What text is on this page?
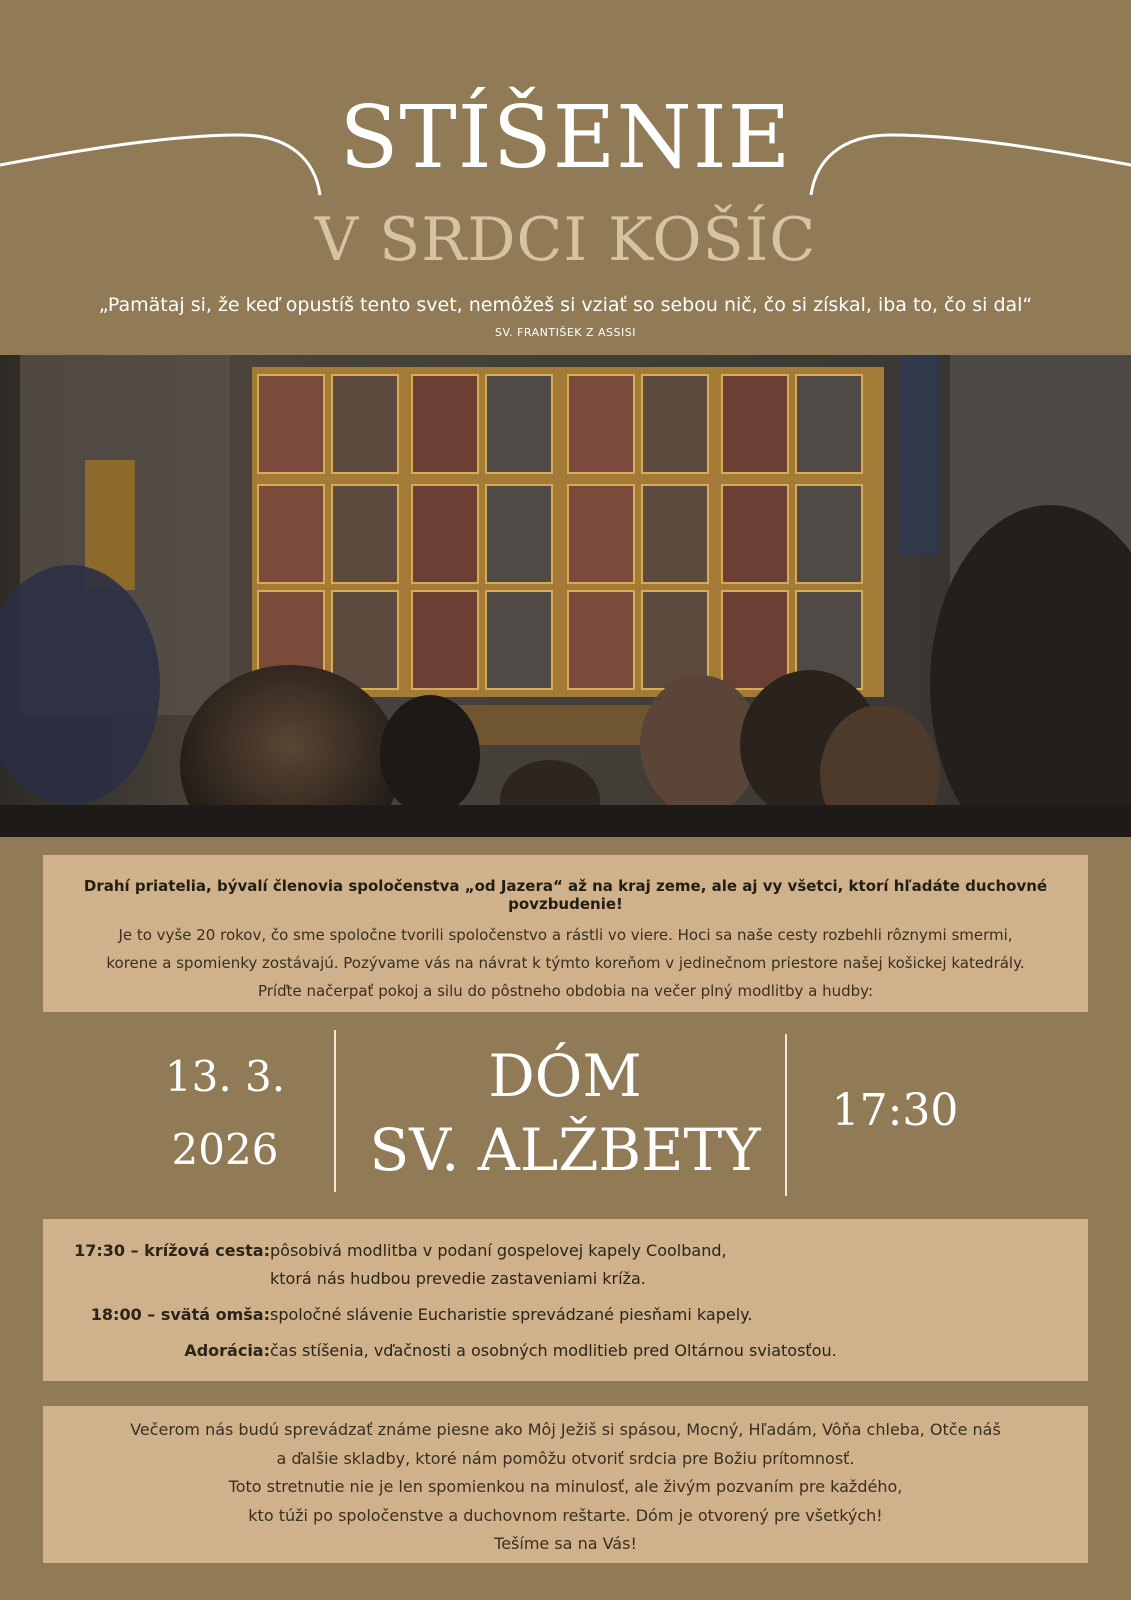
STÍŠENIE
V SRDCI KOŠÍC
„Pamätaj si, že keď opustíš tento svet, nemôžeš si vziať so sebou nič, čo si získal, iba to, čo si dal“
SV. FRANTIŠEK Z ASSISI
Drahí priatelia, bývalí členovia spoločenstva „od Jazera“ až na kraj zeme, ale aj vy všetci, ktorí hľadáte duchovné povzbudenie!
Je to vyše 20 rokov, čo sme spoločne tvorili spoločenstvo a rástli vo viere. Hoci sa naše cesty rozbehli rôznymi smermi,
korene a spomienky zostávajú. Pozývame vás na návrat k týmto koreňom v jedinečnom priestore našej košickej katedrály.
Príďte načerpať pokoj a silu do pôstneho obdobia na večer plný modlitby a hudby:
13. 3.
2026
DÓM
SV. ALŽBETY
17:30
17:30 – krížová cesta: pôsobivá modlitba v podaní gospelovej kapely Coolband,
ktorá nás hudbou prevedie zastaveniami kríža.
18:00 – svätá omša: spoločné slávenie Eucharistie sprevádzané piesňami kapely.
Adorácia: čas stíšenia, vďačnosti a osobných modlitieb pred Oltárnou sviatosťou.
Večerom nás budú sprevádzať známe piesne ako Môj Ježiš si spásou, Mocný, Hľadám, Vôňa chleba, Otče náš
a ďalšie skladby, ktoré nám pomôžu otvoriť srdcia pre Božiu prítomnosť.
Toto stretnutie nie je len spomienkou na minulosť, ale živým pozvaním pre každého,
kto túži po spoločenstve a duchovnom reštarte. Dóm je otvorený pre všetkých!
Tešíme sa na Vás!
